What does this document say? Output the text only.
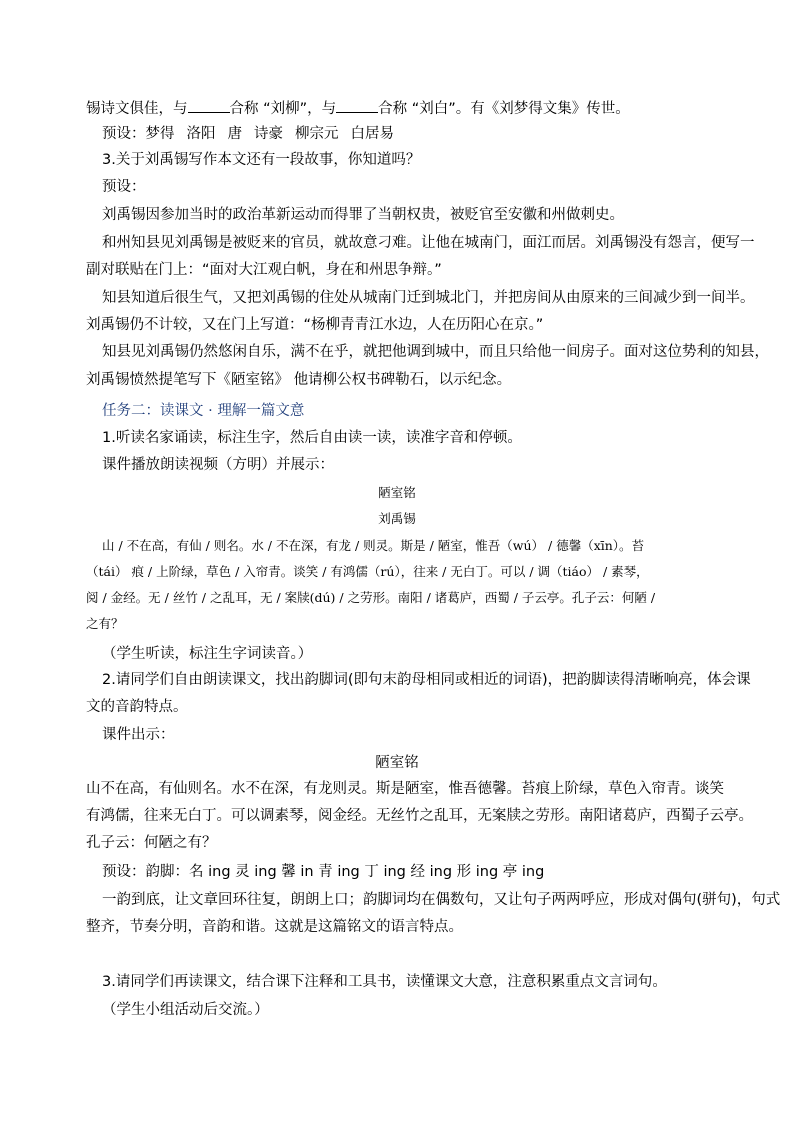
锡诗文俱佳，与	合称 “刘柳”，与	合称 “刘白”。有《刘梦得文集》传世。
预设：梦得 洛阳 唐 诗豪 柳宗元 白居易
3.关于刘禹锡写作本文还有一段故事，你知道吗？
预设：
刘禹锡因参加当时的政治革新运动而得罪了当朝权贵，被贬官至安徽和州做刺史。
和州知县见刘禹锡是被贬来的官员，就故意刁难。让他在城南门，面江而居。刘禹锡没有怨言，便写一
副对联贴在门上：“面对大江观白帆，身在和州思争辩。”
知县知道后很生气，又把刘禹锡的住处从城南门迁到城北门，并把房间从由原来的三间减少到一间半。
刘禹锡仍不计较，又在门上写道：“杨柳青青江水边，人在历阳心在京。”
知县见刘禹锡仍然悠闲自乐，满不在乎，就把他调到城中，而且只给他一间房子。面对这位势利的知县，
刘禹锡愤然提笔写下《陋室铭》 他请柳公权书碑勒石，以示纪念。
任务二：读课文 · 理解一篇文意
1.听读名家诵读，标注生字，然后自由读一读，读准字音和停顿。
课件播放朗读视频（方明）并展示：
陋室铭
刘禹锡
山 / 不在高，有仙 / 则名。水 / 不在深，有龙 / 则灵。斯是 / 陋室，惟吾（wú） / 德馨（xīn）。苔
（tái） 痕 / 上阶绿，草色 / 入帘青。谈笑 / 有鸿儒（rú），往来 / 无白丁。可以 / 调（tiáo） / 素琴，
阅 / 金经。无 / 丝竹 / 之乱耳，无 / 案牍(dú) / 之劳形。南阳 / 诸葛庐，西蜀 / 子云亭。孔子云：何陋 /
之有？
（学生听读，标注生字词读音。）
2.请同学们自由朗读课文，找出韵脚词(即句末韵母相同或相近的词语)，把韵脚读得清晰响亮，体会课
文的音韵特点。
课件出示：
陋室铭
山不在高，有仙则名。水不在深，有龙则灵。斯是陋室，惟吾德馨。苔痕上阶绿，草色入帘青。谈笑
有鸿儒，往来无白丁。可以调素琴，阅金经。无丝竹之乱耳，无案牍之劳形。南阳诸葛庐，西蜀子云亭。
孔子云：何陋之有？
预设：韵脚：名 ing 灵 ing 馨 in 青 ing 丁 ing 经 ing 形 ing 亭 ing
一韵到底，让文章回环往复，朗朗上口；韵脚词均在偶数句，又让句子两两呼应，形成对偶句(骈句)，句式
整齐，节奏分明，音韵和谐。这就是这篇铭文的语言特点。
3.请同学们再读课文，结合课下注释和工具书，读懂课文大意，注意积累重点文言词句。
（学生小组活动后交流。）
